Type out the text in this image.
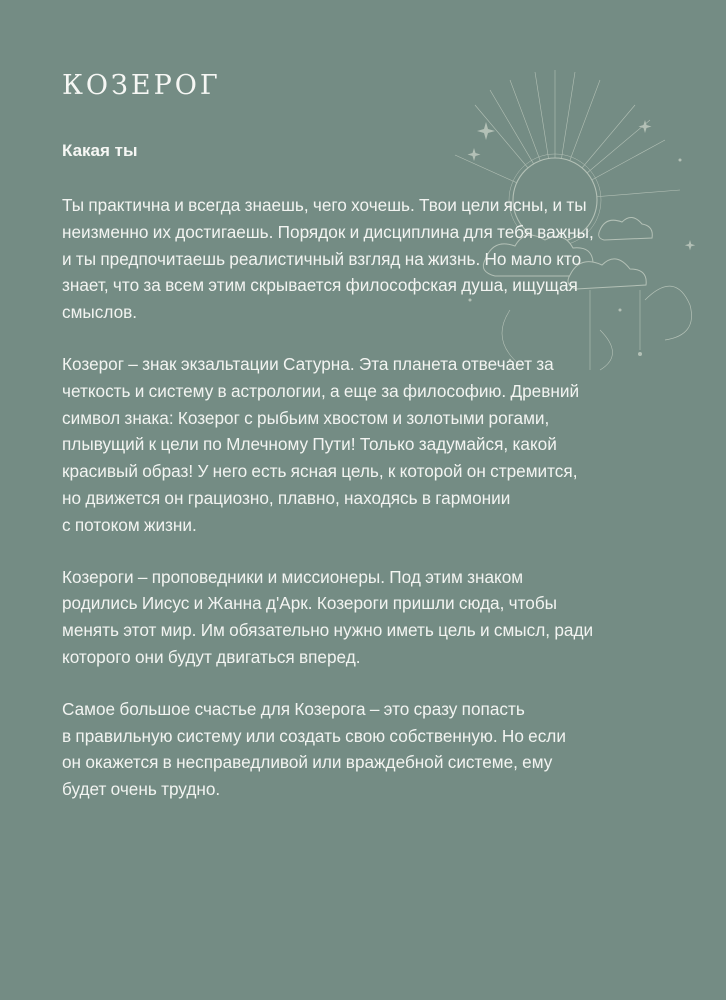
КОЗЕРОГ
Какая ты

Ты практична и всегда знаешь, чего хочешь. Твои цели ясны, и ты
неизменно их достигаешь. Порядок и дисциплина для тебя важны,
и ты предпочитаешь реалистичный взгляд на жизнь. Но мало кто
знает, что за всем этим скрывается философская душа, ищущая
смыслов.

Козерог – знак экзальтации Сатурна. Эта планета отвечает за
четкость и систему в астрологии, а еще за философию. Древний
символ знака: Козерог с рыбьим хвостом и золотыми рогами,
плывущий к цели по Млечному Пути! Только задумайся, какой
красивый образ! У него есть ясная цель, к которой он стремится,
но движется он грациозно, плавно, находясь в гармонии
с потоком жизни.

Козероги – проповедники и миссионеры. Под этим знаком
родились Иисус и Жанна д'Арк. Козероги пришли сюда, чтобы
менять этот мир. Им обязательно нужно иметь цель и смысл, ради
которого они будут двигаться вперед.

Самое большое счастье для Козерога – это сразу попасть
в правильную систему или создать свою собственную. Но если
он окажется в несправедливой или враждебной системе, ему
будет очень трудно.
